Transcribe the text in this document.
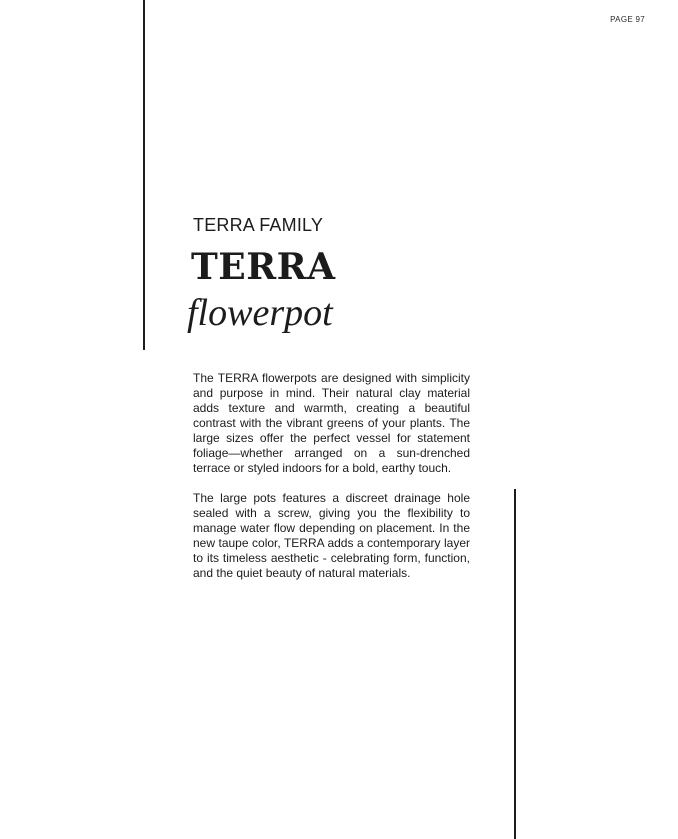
PAGE 97
TERRA FAMILY
TERRA
flowerpot

The TERRA flowerpots are designed with simplicity and purpose in mind. Their natural clay material adds texture and warmth, creating a beautiful contrast with the vibrant greens of your plants. The large sizes offer the perfect vessel for statement foliage—whether arranged on a sun-drenched terrace or styled indoors for a bold, earthy touch.

The large pots features a discreet drainage hole sealed with a screw, giving you the flexibility to manage water flow depending on placement. In the new taupe color, TERRA adds a contemporary layer to its timeless aesthetic - celebrating form, function, and the quiet beauty of natural materials.
